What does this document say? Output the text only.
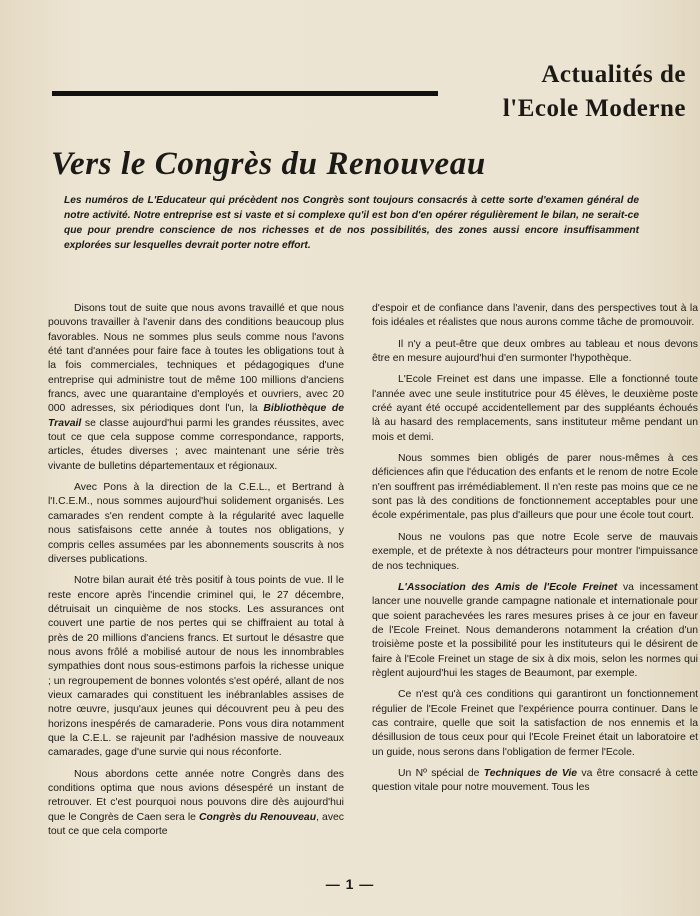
Actualités de
l'Ecole Moderne
Vers le Congrès du Renouveau
Les numéros de L'Educateur qui précèdent nos Congrès sont toujours consacrés à cette sorte d'examen général de notre activité. Notre entreprise est si vaste et si complexe qu'il est bon d'en opérer régulièrement le bilan, ne serait-ce que pour prendre conscience de nos richesses et de nos possibilités, des zones aussi encore insuffisamment explorées sur lesquelles devrait porter notre effort.

Disons tout de suite que nous avons travaillé et que nous pouvons travailler à l'avenir dans des conditions beaucoup plus favorables. Nous ne sommes plus seuls comme nous l'avons été tant d'années pour faire face à toutes les obligations tout à la fois commerciales, techniques et pédagogiques d'une entreprise qui administre tout de même 100 millions d'anciens francs, avec une quarantaine d'employés et ouvriers, avec 20 000 adresses, six périodiques dont l'un, la Bibliothèque de Travail se classe aujourd'hui parmi les grandes réussites, avec tout ce que cela suppose comme correspondance, rapports, articles, études diverses ; avec maintenant une série très vivante de bulletins départementaux et régionaux.

Avec Pons à la direction de la C.E.L., et Bertrand à l'I.C.E.M., nous sommes aujourd'hui solidement organisés. Les camarades s'en rendent compte à la régularité avec laquelle nous satisfaisons cette année à toutes nos obligations, y compris celles assumées par les abonnements souscrits à nos diverses publications.

Notre bilan aurait été très positif à tous points de vue. Il le reste encore après l'incendie criminel qui, le 27 décembre, détruisait un cinquième de nos stocks. Les assurances ont couvert une partie de nos pertes qui se chiffraient au total à près de 20 millions d'anciens francs. Et surtout le désastre que nous avons frôlé a mobilisé autour de nous les innombrables sympathies dont nous sous-estimons parfois la richesse unique ; un regroupement de bonnes volontés s'est opéré, allant de nos vieux camarades qui constituent les inébranlables assises de notre œuvre, jusqu'aux jeunes qui découvrent peu à peu des horizons inespérés de camaraderie. Pons vous dira notamment que la C.E.L. se rajeunit par l'adhésion massive de nouveaux camarades, gage d'une survie qui nous réconforte.

Nous abordons cette année notre Congrès dans des conditions optima que nous avions désespéré un instant de retrouver. Et c'est pourquoi nous pouvons dire dès aujourd'hui que le Congrès de Caen sera le Congrès du Renouveau, avec tout ce que cela comporte

d'espoir et de confiance dans l'avenir, dans des perspectives tout à la fois idéales et réalistes que nous aurons comme tâche de promouvoir.

Il n'y a peut-être que deux ombres au tableau et nous devons être en mesure aujourd'hui d'en surmonter l'hypothèque.

L'Ecole Freinet est dans une impasse. Elle a fonctionné toute l'année avec une seule institutrice pour 45 élèves, le deuxième poste créé ayant été occupé accidentellement par des suppléants échoués là au hasard des remplacements, sans instituteur même pendant un mois et demi.

Nous sommes bien obligés de parer nous-mêmes à ces déficiences afin que l'éducation des enfants et le renom de notre Ecole n'en souffrent pas irrémédiablement. Il n'en reste pas moins que ce ne sont pas là des conditions de fonctionnement acceptables pour une école expérimentale, pas plus d'ailleurs que pour une école tout court.

Nous ne voulons pas que notre Ecole serve de mauvais exemple, et de prétexte à nos détracteurs pour montrer l'impuissance de nos techniques.

L'Association des Amis de l'Ecole Freinet va incessament lancer une nouvelle grande campagne nationale et internationale pour que soient parachevées les rares mesures prises à ce jour en faveur de l'Ecole Freinet. Nous demanderons notamment la création d'un troisième poste et la possibilité pour les instituteurs qui le désirent de faire à l'Ecole Freinet un stage de six à dix mois, selon les normes qui règlent aujourd'hui les stages de Beaumont, par exemple.

Ce n'est qu'à ces conditions qui garantiront un fonctionnement régulier de l'Ecole Freinet que l'expérience pourra continuer. Dans le cas contraire, quelle que soit la satisfaction de nos ennemis et la désillusion de tous ceux pour qui l'Ecole Freinet était un laboratoire et un guide, nous serons dans l'obligation de fermer l'Ecole.

Un Nº spécial de Techniques de Vie va être consacré à cette question vitale pour notre mouvement. Tous les

— 1 —
